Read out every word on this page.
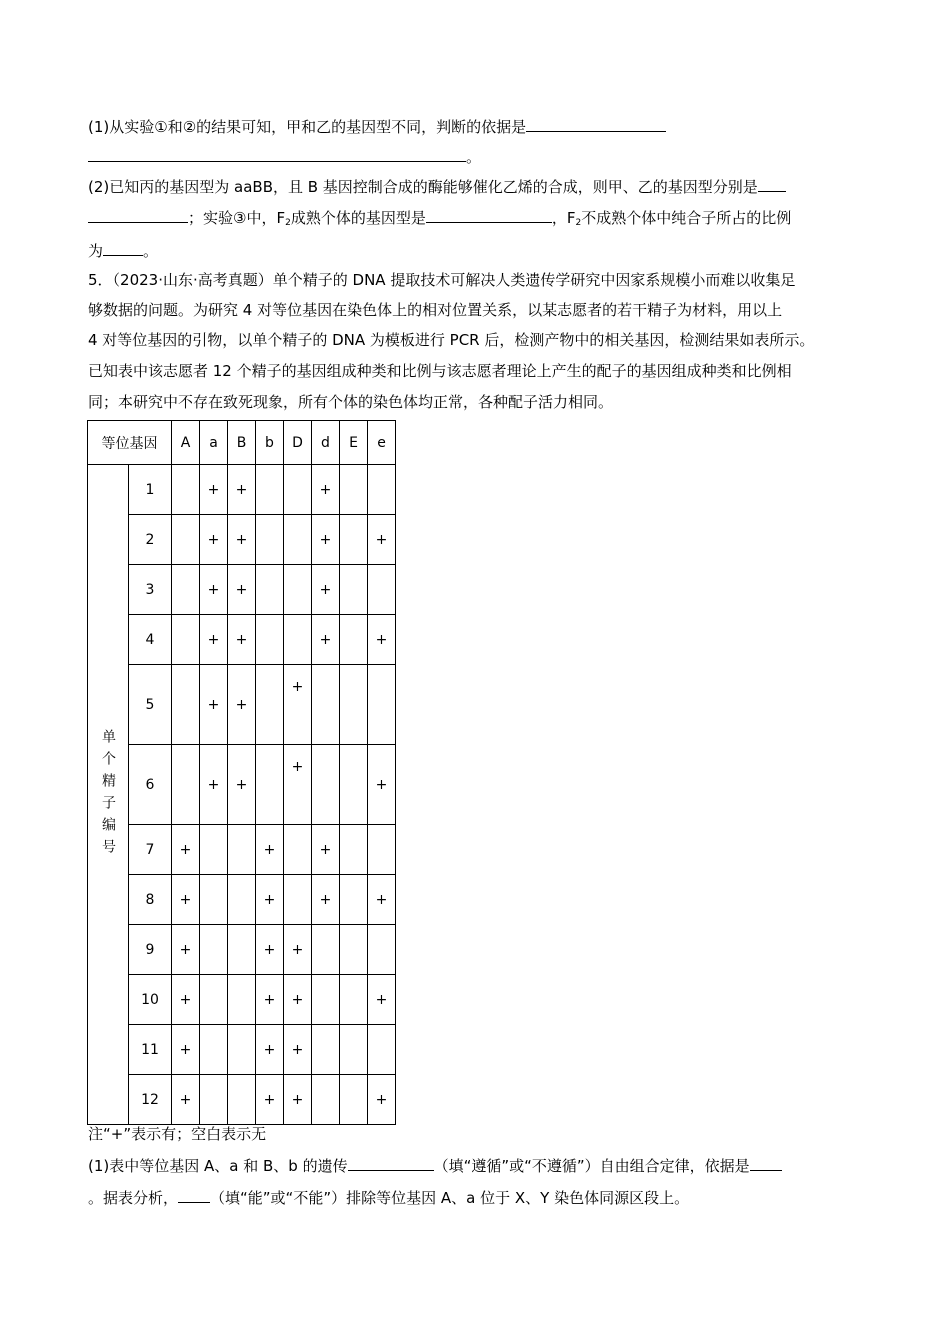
(1)从实验①和②的结果可知，甲和乙的基因型不同，判断的依据是
。
(2)已知丙的基因型为 aaBB，且 B 基因控制合成的酶能够催化乙烯的合成，则甲、乙的基因型分别是
；实验③中，$F_2$成熟个体的基因型是	，$F_2$不成熟个体中纯合子所占的比例
为	。
5．（2023·山东·高考真题）单个精子的 DNA 提取技术可解决人类遗传学研究中因家系规模小而难以收集足
够数据的问题。为研究 4 对等位基因在染色体上的相对位置关系，以某志愿者的若干精子为材料，用以上
4 对等位基因的引物，以单个精子的 DNA 为模板进行 PCR 后，检测产物中的相关基因，检测结果如表所示。
已知表中该志愿者 12 个精子的基因组成种类和比例与该志愿者理论上产生的配子的基因组成种类和比例相
同；本研究中不存在致死现象，所有个体的染色体均正常，各种配子活力相同。
等位基因		A	a	B	b	D	d	E	e
单个精子编号	1		+	+			+		
	2		+	+			+		+
	3		+	+			+		
	4		+	+			+		+
	5		+	+		+			
	6		+	+		+			+
	7	+			+		+		
	8	+			+		+		+
	9	+			+	+			
	10	+			+	+			+
	11	+			+	+			
	12	+			+	+			+
注“+”表示有；空白表示无
(1)表中等位基因 A、a 和 B、b 的遗传	（填“遵循”或“不遵循”）自由组合定律，依据是
。据表分析， （填“能”或“不能”）排除等位基因 A、a 位于 X、Y 染色体同源区段上。
